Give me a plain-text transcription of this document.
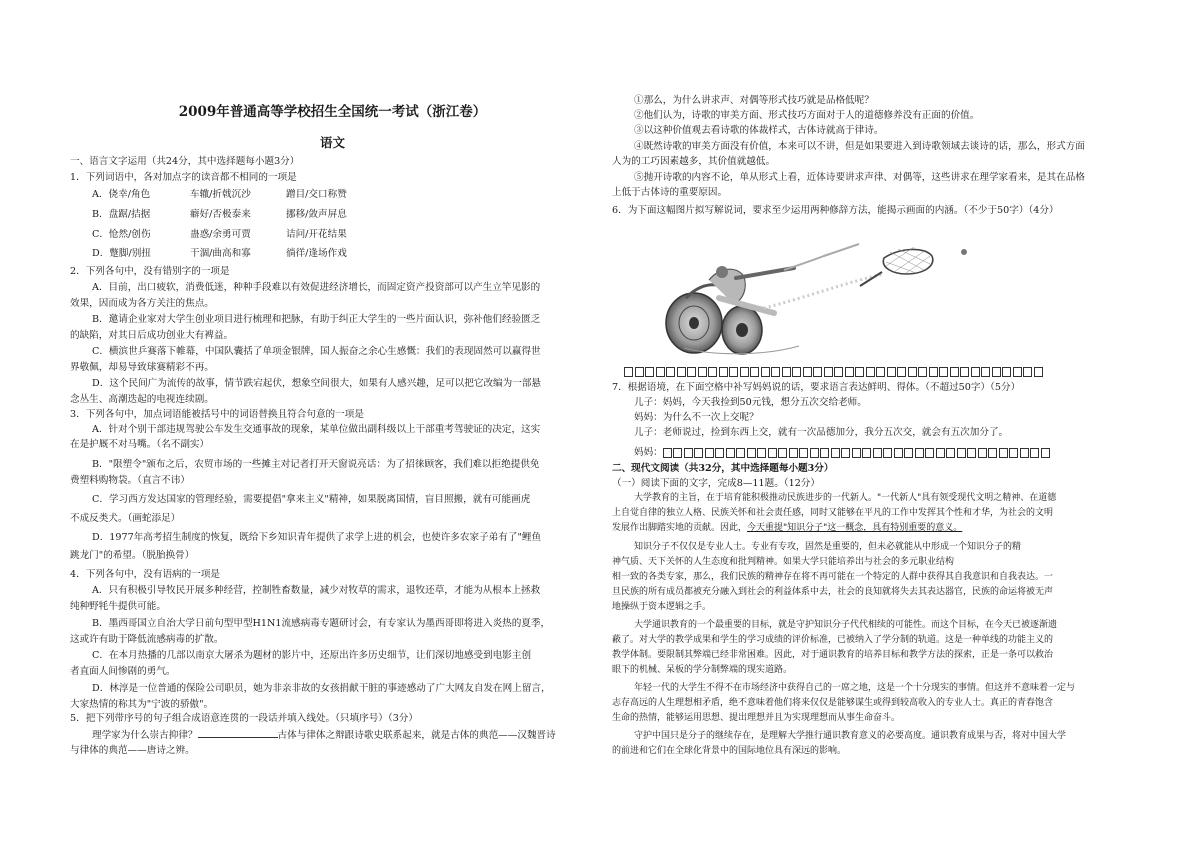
2009年普通高等学校招生全国统一考试（浙江卷）
语文
一、语言文字运用（共24分，其中选择题每小题3分）
1．下列词语中，各对加点字的读音都不相同的一项是
A．侥幸/角色	车辙/折戟沉沙	蹭目/交口称赞
B．盘踞/拮据	癖好/否极泰来	挪移/敛声屏息
C．怆然/创伤	蛊惑/余勇可贾	诘问/开花结果
D．蹩脚/别扭	干涸/曲高和寡	徜徉/逢场作戏
2．下列各句中，没有错别字的一项是
A．目前，出口疲软，消费低迷，种种手段难以有效促进经济增长，而固定资产投资部可以产生立竿见影的
效果，因而成为各方关注的焦点。
B．邀请企业家对大学生创业项目进行梳理和把脉，有助于纠正大学生的一些片面认识，弥补他们经验匮乏
的缺陷，对其日后成功创业大有裨益。
C．横滨世乒赛落下帷幕，中国队囊括了单项金银牌，国人振奋之余心生感慨：我们的表现固然可以赢得世
界敬佩，却易导致球赛精彩不再。
D．这个民间广为流传的故事，情节跌宕起伏，想象空间很大，如果有人感兴趣，足可以把它改编为一部悬
念丛生、高潮迭起的电视连续剧。
3．下列各句中，加点词语能被括号中的词语替换且符合句意的一项是
A．针对个别干部违规驾驶公车发生交通事故的现象，某单位做出副科级以上干部重考驾驶证的决定，这实
在是护厩不对马嘴。（名不副实）
B．"限塑令"颁布之后，农贸市场的一些摊主对记者打开天窗说亮话：为了招徕顾客，我们难以拒绝提供免
费塑料购物袋。（直言不讳）
C．学习西方发达国家的管理经验，需要提倡"拿来主义"精神，如果脱离国情，盲目照搬，就有可能画虎
不成反类犬。（画蛇添足）
D．1977年高考招生制度的恢复，既给下乡知识青年提供了求学上进的机会，也使许多农家子弟有了"鲤鱼
跳龙门"的希望。（脱胎换骨）
4．下列各句中，没有语病的一项是
A．只有积极引导牧民开展多种经营，控制牲畜数量，减少对牧草的需求，退牧还草，才能为从根本上拯救
纯种野牦牛提供可能。
B．墨西哥国立自治大学日前句型甲型H1N1流感病毒专题研讨会，有专家认为墨西哥即将进入炎热的夏季，
这或许有助于降低流感病毒的扩散。
C．在本月热播的几部以南京大屠杀为题材的影片中，还原出许多历史细节，让们深切地感受到电影主创
者直面人间惨剧的勇气。
D．林淳是一位普通的保险公司职员，她为非亲非故的女孩捐献干脏的事迹感动了广大网友自发在网上留言，
大家热情的称其为"宁波的骄傲"。
5．把下列带序号的句子组合成语意连贯的一段话并填入线处。（只填序号）（3分）
理学家为什么崇古抑律？	古体与律体之辩跟诗歌史联系起来，就是古体的典范——汉魏晋诗
与律体的典范——唐诗之辨。
①那么，为什么讲求声、对偶等形式技巧就是品格低呢？
②他们认为，诗歌的审美方面、形式技巧方面对于人的道德修养没有正面的价值。
③以这种价值观去看诗歌的体裁样式，古体诗就高于律诗。
④既然诗歌的审美方面没有价值，本来可以不讲，但是如果要进入到诗歌领域去谈诗的话，那么，形式方面
人为的工巧因素越多，其价值就越低。
⑤抛开诗歌的内容不论，单从形式上看，近体诗要讲求声律、对偶等，这些讲求在理学家看来，是其在品格
上低于古体诗的重要原因。
6．为下面这幅图片拟写解说词，要求至少运用两种修辞方法，能揭示画面的内涵。（不少于50字）（4分）
7．根据语境，在下面空格中补写妈妈说的话，要求语言表达鲜明、得体。（不超过50字）（5分）
儿子：妈妈，今天我捡到50元钱，想分五次交给老师。
妈妈：为什么不一次上交呢？
儿子：老师说过，捡到东西上交，就有一次品德加分，我分五次交，就会有五次加分了。
妈妈：
二、现代文阅读（共32分，其中选择题每小题3分）
（一）阅读下面的文字，完成8—11题。（12分）
大学教育的主旨，在于培育能积极推动民族进步的一代新人。"一代新人"具有领受现代文明之精神、在道德
上自觉自律的独立人格、民族关怀和社会责任感，同时又能够在平凡的工作中发挥其个性和才华，为社会的文明
发展作出脚踏实地的贡献。因此，今天重提"知识分子"这一概念，具有特别重要的意义。
知识分子不仅仅是专业人士。专业有专攻，固然是重要的，但未必就能从中形成一个知识分子的精
神气质、天下关怀的人生态度和批判精神。如果大学只能培养出与社会的多元职业结构
相一致的各类专家，那么，我们民族的精神存在将不再可能在一个特定的人群中获得其自我意识和自我表达。一
旦民族的所有成员都被充分融入到社会的利益体系中去，社会的良知就将失去其表达器官，民族的命运将被无声
地操纵于资本逻辑之手。
大学通识教育的一个最重要的目标，就是守护知识分子代代相续的可能性。而这个目标，在今天已被逐渐遗
蔽了。对大学的教学成果和学生的学习成绩的评价标准，已被纳入了学分制的轨道。这是一种单线的功能主义的
教学体制。要限制其弊端已经非常困难。因此，对于通识教育的培养目标和教学方法的探索，正是一条可以救治
眼下的机械、呆板的学分制弊端的现实道路。
年轻一代的大学生不得不在市场经济中获得自己的一席之地，这是一个十分现实的事情。但这并不意味着一定与
志存高远的人生理想相矛盾，绝不意味着他们将来仅仅是能够谋生或得到较高收入的专业人士。真正的青春饱含
生命的热情，能够运用思想、提出理想并且为实现理想而从事生命奋斗。
守护中国只是分子的继续存在，是理解大学推行通识教育意义的必要高度。通识教育成果与否，将对中国大学
的前进和它们在全球化背景中的国际地位具有深远的影响。
